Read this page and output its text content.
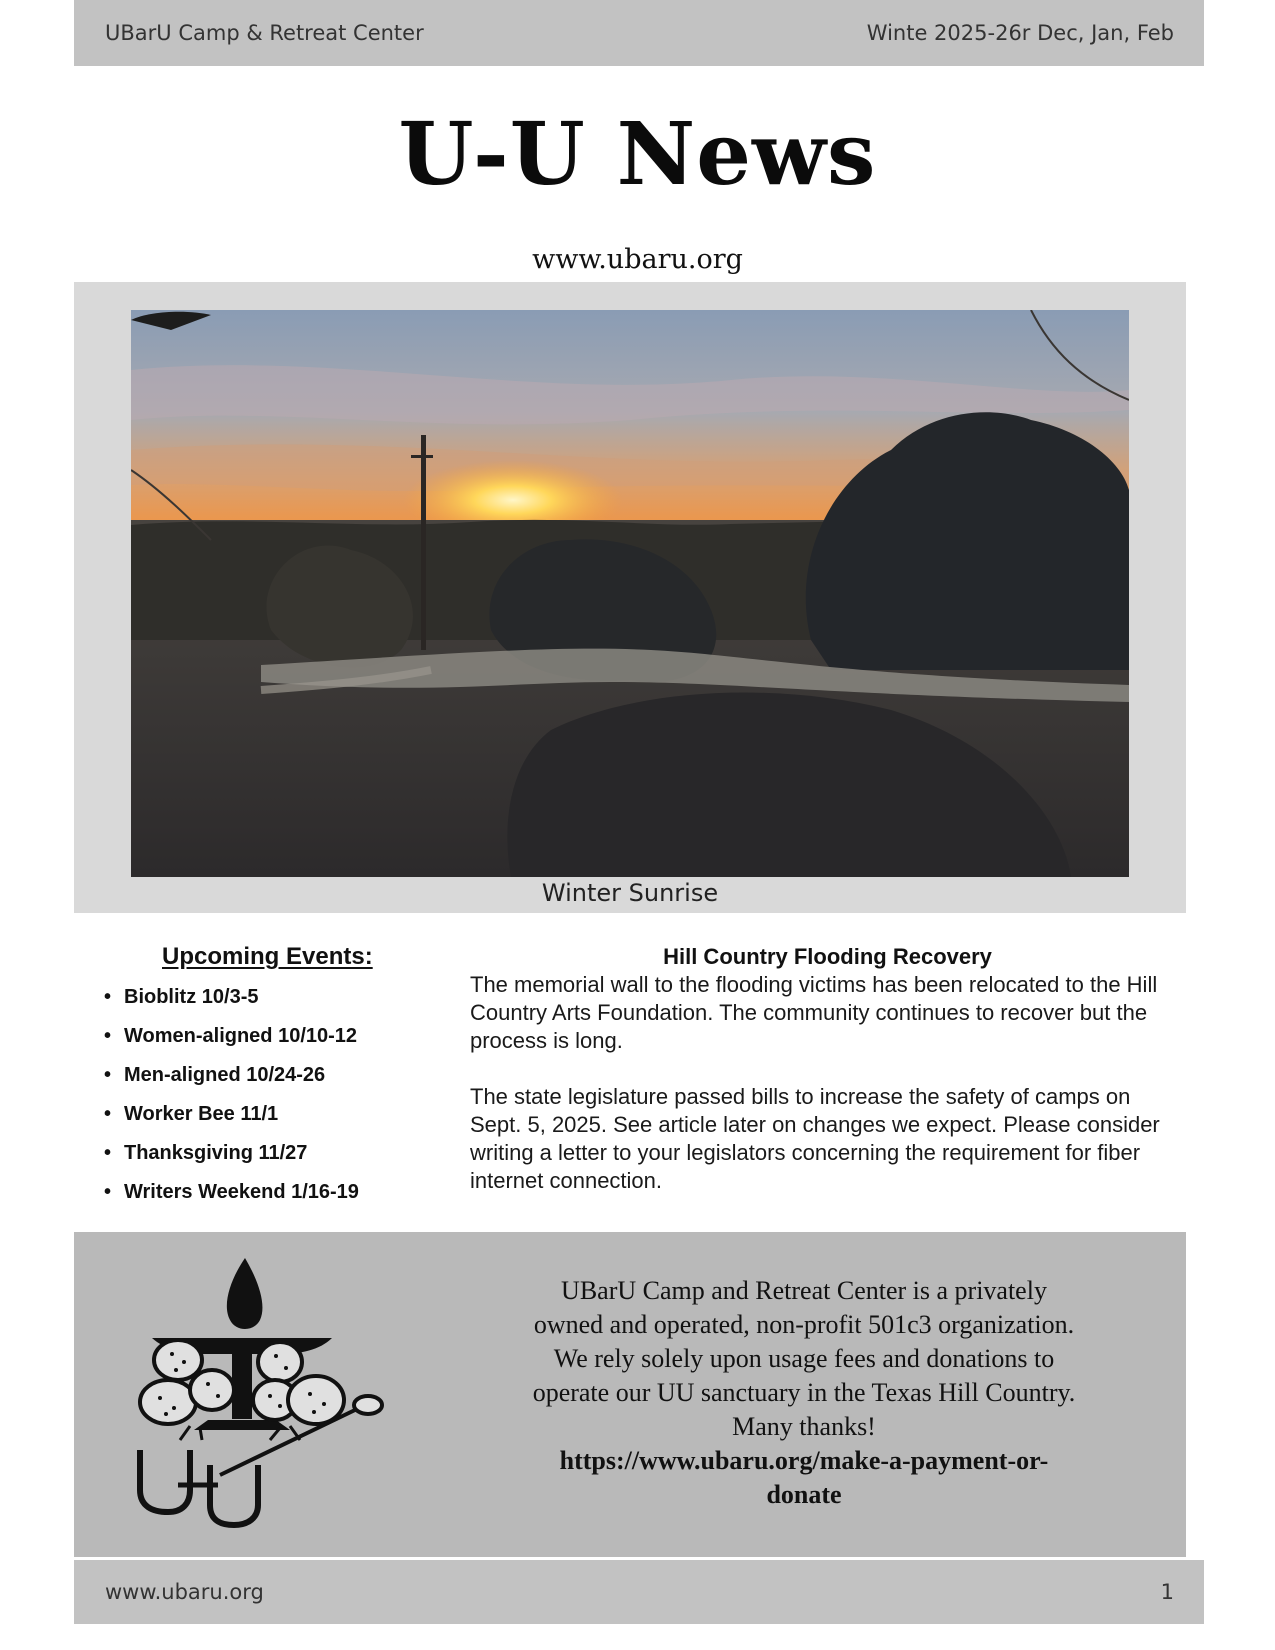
UBarU Camp & Retreat Center	Winte 2025-26r Dec, Jan, Feb
U-U News
www.ubaru.org
Winter Sunrise
Upcoming Events:
• Bioblitz 10/3-5
• Women-aligned 10/10-12
• Men-aligned 10/24-26
• Worker Bee 11/1
• Thanksgiving 11/27
• Writers Weekend 1/16-19
Hill Country Flooding Recovery

The memorial wall to the flooding victims has been relocated to the Hill Country Arts Foundation. The community continues to recover but the process is long.

The state legislature passed bills to increase the safety of camps on Sept. 5, 2025. See article later on changes we expect. Please consider writing a letter to your legislators concerning the requirement for fiber internet connection.

UBarU Camp and Retreat Center is a privately owned and operated, non-profit 501c3 organization. We rely solely upon usage fees and donations to operate our UU sanctuary in the Texas Hill Country. Many thanks!
https://www.ubaru.org/make-a-payment-or-donate
www.ubaru.org	1
